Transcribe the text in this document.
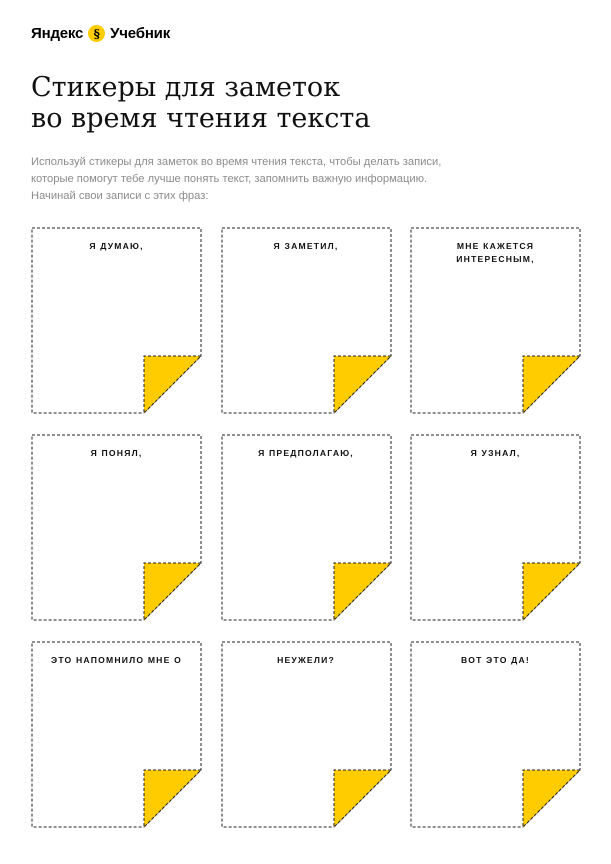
Яндекс § Учебник
Стикеры для заметок
во время чтения текста

Используй стикеры для заметок во время чтения текста, чтобы делать записи,
которые помогут тебе лучше понять текст, запомнить важную информацию.
Начинай свои записи с этих фраз:

Я ДУМАЮ,	Я ЗАМЕТИЛ,	МНЕ КАЖЕТСЯ
ИНТЕРЕСНЫМ,
Я ПОНЯЛ,	Я ПРЕДПОЛАГАЮ,	Я УЗНАЛ,
ЭТО НАПОМНИЛО МНЕ О	НЕУЖЕЛИ?	ВОТ ЭТО ДА!
